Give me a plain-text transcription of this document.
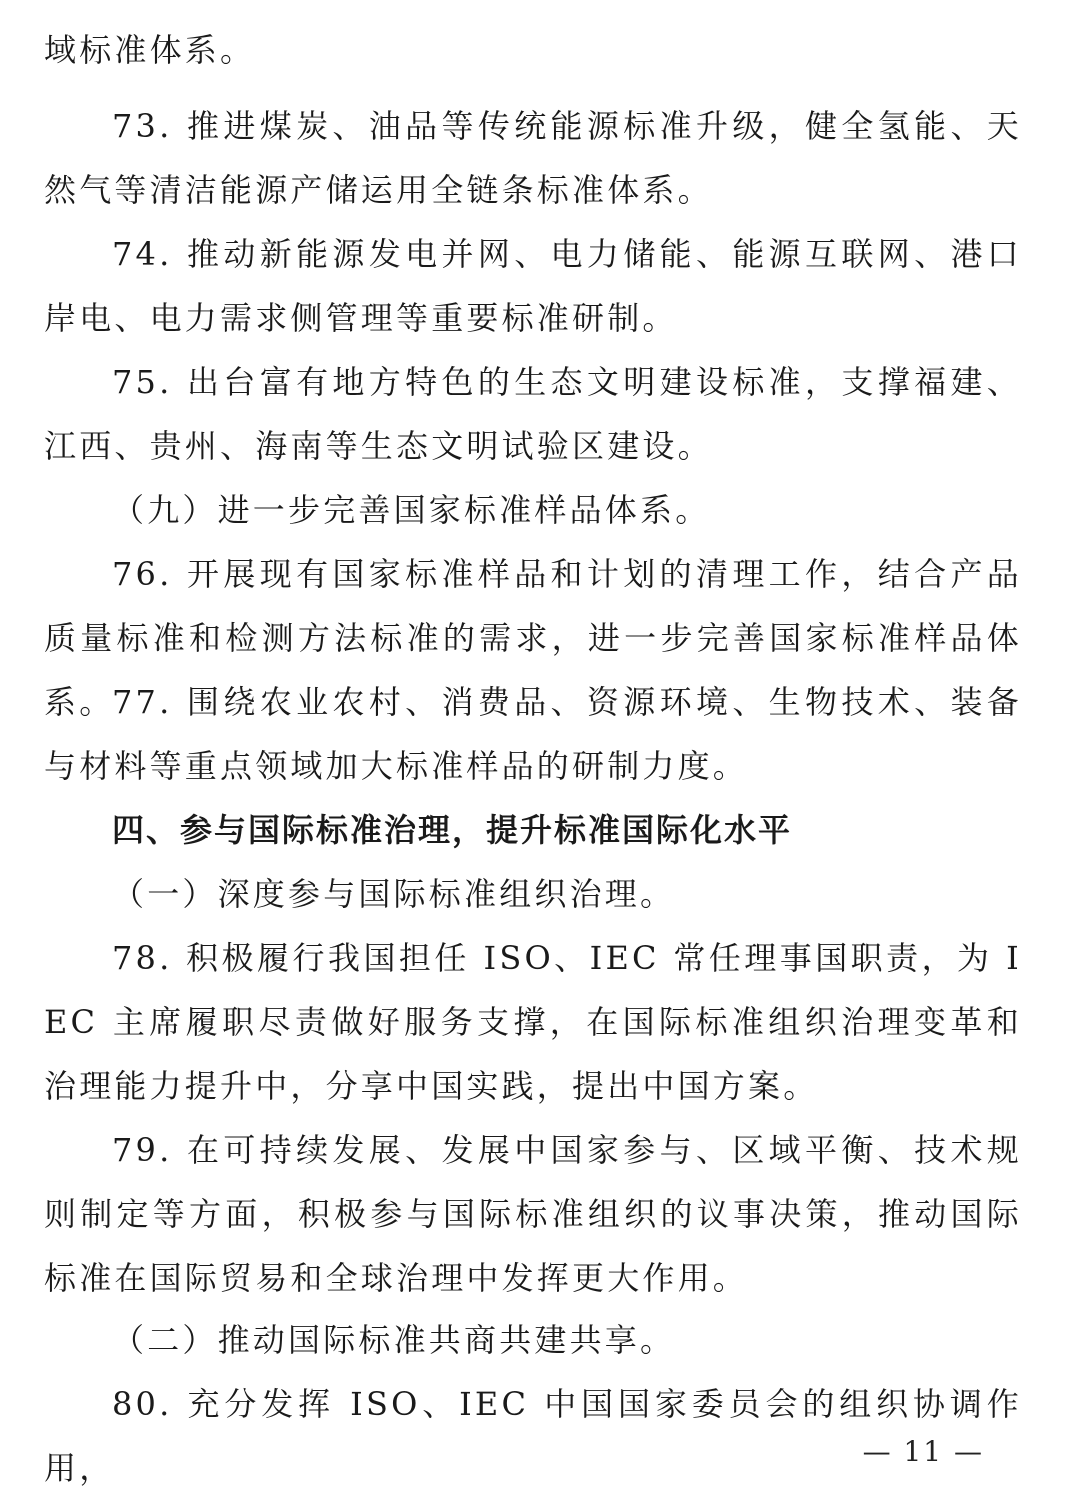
域标准体系。

73. 推进煤炭、油品等传统能源标准升级，健全氢能、天然气等清洁能源产储运用全链条标准体系。

74. 推动新能源发电并网、电力储能、能源互联网、港口岸电、电力需求侧管理等重要标准研制。

75. 出台富有地方特色的生态文明建设标准，支撑福建、江西、贵州、海南等生态文明试验区建设。

（九）进一步完善国家标准样品体系。

76. 开展现有国家标准样品和计划的清理工作，结合产品质量标准和检测方法标准的需求，进一步完善国家标准样品体系。

77. 围绕农业农村、消费品、资源环境、生物技术、装备与材料等重点领域加大标准样品的研制力度。

四、参与国际标准治理，提升标准国际化水平

（一）深度参与国际标准组织治理。

78. 积极履行我国担任 ISO、IEC 常任理事国职责，为 IEC 主席履职尽责做好服务支撑，在国际标准组织治理变革和治理能力提升中，分享中国实践，提出中国方案。

79. 在可持续发展、发展中国家参与、区域平衡、技术规则制定等方面，积极参与国际标准组织的议事决策，推动国际标准在国际贸易和全球治理中发挥更大作用。

（二）推动国际标准共商共建共享。

80. 充分发挥 ISO、IEC 中国国家委员会的组织协调作用，	— 11 —
